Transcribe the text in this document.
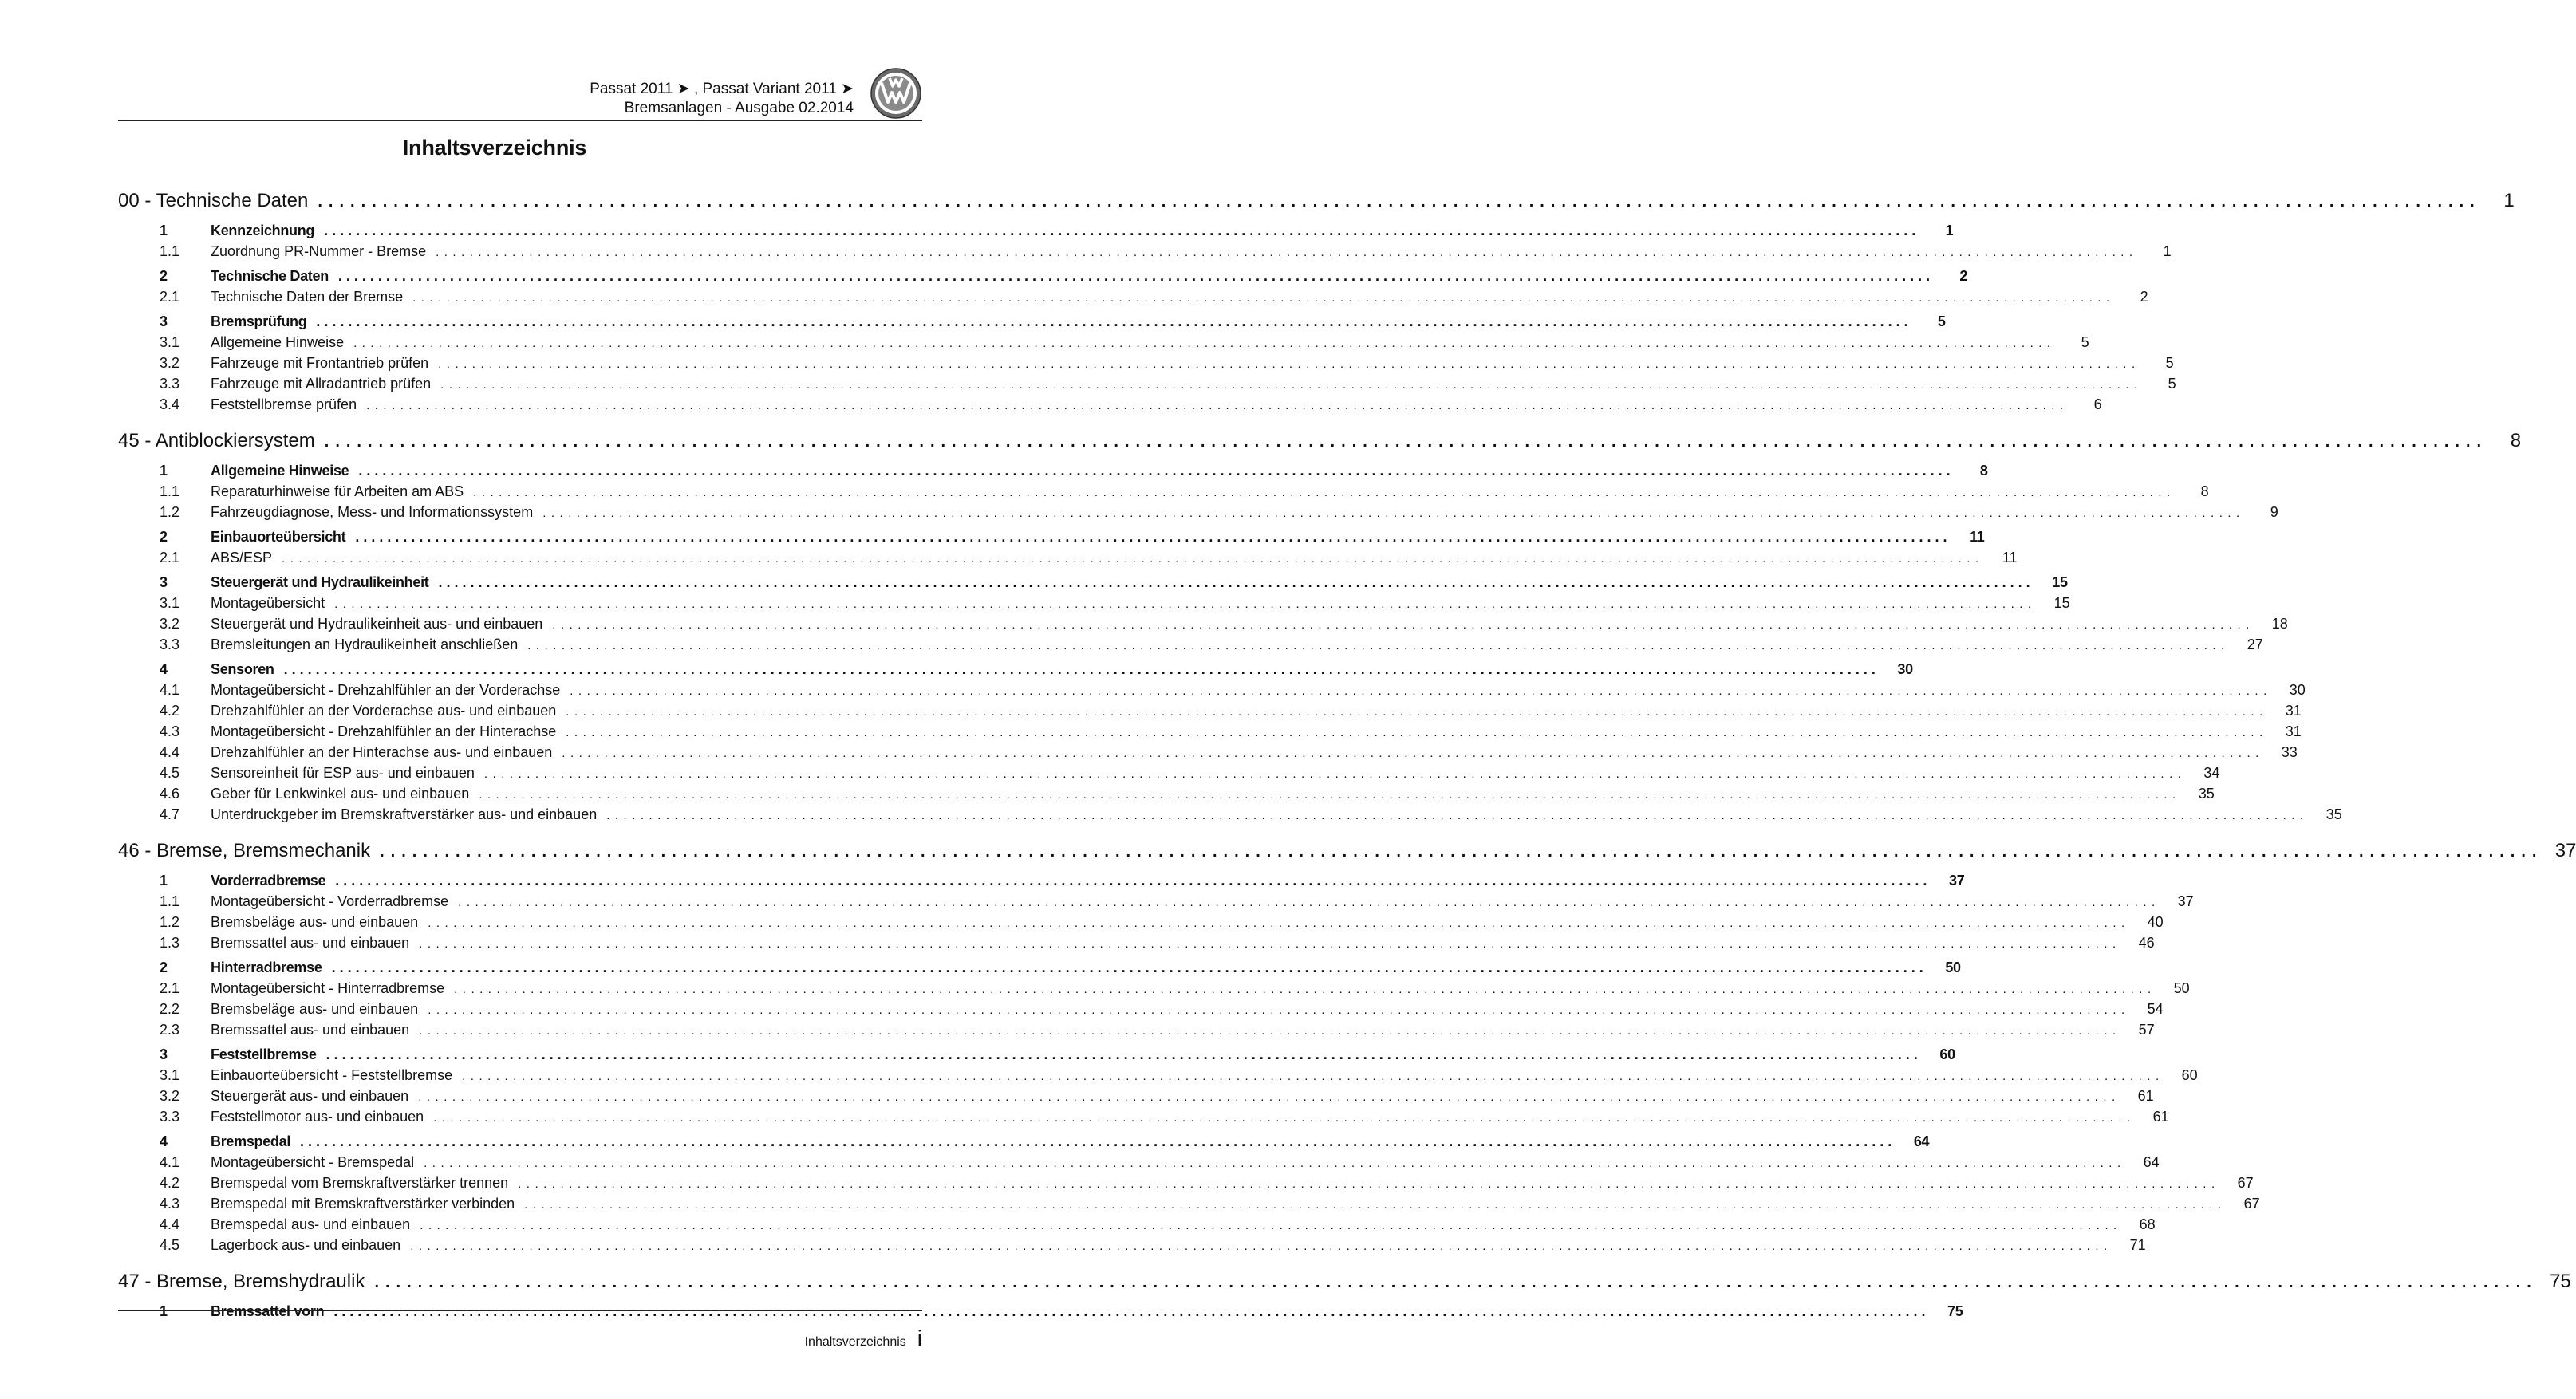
Passat 2011 ➤ , Passat Variant 2011 ➤
Bremsanlagen - Ausgabe 02.2014
Inhaltsverzeichnis
00 - Technische Daten ........................................................................................................................................................................................................	1
1	Kennzeichnung ........................................................................................................................................................................................................	1
1.1	Zuordnung PR-Nummer - Bremse ........................................................................................................................................................................................................	1
2	Technische Daten ........................................................................................................................................................................................................	2
2.1	Technische Daten der Bremse ........................................................................................................................................................................................................	2
3	Bremsprüfung ........................................................................................................................................................................................................	5
3.1	Allgemeine Hinweise ........................................................................................................................................................................................................	5
3.2	Fahrzeuge mit Frontantrieb prüfen ........................................................................................................................................................................................................	5
3.3	Fahrzeuge mit Allradantrieb prüfen ........................................................................................................................................................................................................	5
3.4	Feststellbremse prüfen ........................................................................................................................................................................................................	6
45 - Antiblockiersystem ........................................................................................................................................................................................................	8
1	Allgemeine Hinweise ........................................................................................................................................................................................................	8
1.1	Reparaturhinweise für Arbeiten am ABS ........................................................................................................................................................................................................	8
1.2	Fahrzeugdiagnose, Mess- und Informationssystem ........................................................................................................................................................................................................	9
2	Einbauorteübersicht ........................................................................................................................................................................................................	11
2.1	ABS/ESP ........................................................................................................................................................................................................	11
3	Steuergerät und Hydraulikeinheit ........................................................................................................................................................................................................	15
3.1	Montageübersicht ........................................................................................................................................................................................................	15
3.2	Steuergerät und Hydraulikeinheit aus- und einbauen ........................................................................................................................................................................................................	18
3.3	Bremsleitungen an Hydraulikeinheit anschließen ........................................................................................................................................................................................................	27
4	Sensoren ........................................................................................................................................................................................................	30
4.1	Montageübersicht - Drehzahlfühler an der Vorderachse ........................................................................................................................................................................................................	30
4.2	Drehzahlfühler an der Vorderachse aus- und einbauen ........................................................................................................................................................................................................	31
4.3	Montageübersicht - Drehzahlfühler an der Hinterachse ........................................................................................................................................................................................................	31
4.4	Drehzahlfühler an der Hinterachse aus- und einbauen ........................................................................................................................................................................................................	33
4.5	Sensoreinheit für ESP aus- und einbauen ........................................................................................................................................................................................................	34
4.6	Geber für Lenkwinkel aus- und einbauen ........................................................................................................................................................................................................	35
4.7	Unterdruckgeber im Bremskraftverstärker aus- und einbauen ........................................................................................................................................................................................................	35
46 - Bremse, Bremsmechanik ........................................................................................................................................................................................................ 37
1	Vorderradbremse ........................................................................................................................................................................................................	37
1.1	Montageübersicht - Vorderradbremse ........................................................................................................................................................................................................	37
1.2	Bremsbeläge aus- und einbauen ........................................................................................................................................................................................................	40
1.3	Bremssattel aus- und einbauen ........................................................................................................................................................................................................	46
2	Hinterradbremse ........................................................................................................................................................................................................	50
2.1	Montageübersicht - Hinterradbremse ........................................................................................................................................................................................................	50
2.2	Bremsbeläge aus- und einbauen ........................................................................................................................................................................................................	54
2.3	Bremssattel aus- und einbauen ........................................................................................................................................................................................................	57
3	Feststellbremse ........................................................................................................................................................................................................	60
3.1	Einbauorteübersicht - Feststellbremse ........................................................................................................................................................................................................	60
3.2	Steuergerät aus- und einbauen ........................................................................................................................................................................................................	61
3.3	Feststellmotor aus- und einbauen ........................................................................................................................................................................................................	61
4	Bremspedal ........................................................................................................................................................................................................	64
4.1	Montageübersicht - Bremspedal ........................................................................................................................................................................................................	64
4.2	Bremspedal vom Bremskraftverstärker trennen ........................................................................................................................................................................................................	67
4.3	Bremspedal mit Bremskraftverstärker verbinden ........................................................................................................................................................................................................	67
4.4	Bremspedal aus- und einbauen ........................................................................................................................................................................................................	68
4.5	Lagerbock aus- und einbauen ........................................................................................................................................................................................................	71
47 - Bremse, Bremshydraulik ........................................................................................................................................................................................................ 75
1	Bremssattel vorn ........................................................................................................................................................................................................	75
Inhaltsverzeichnis i
